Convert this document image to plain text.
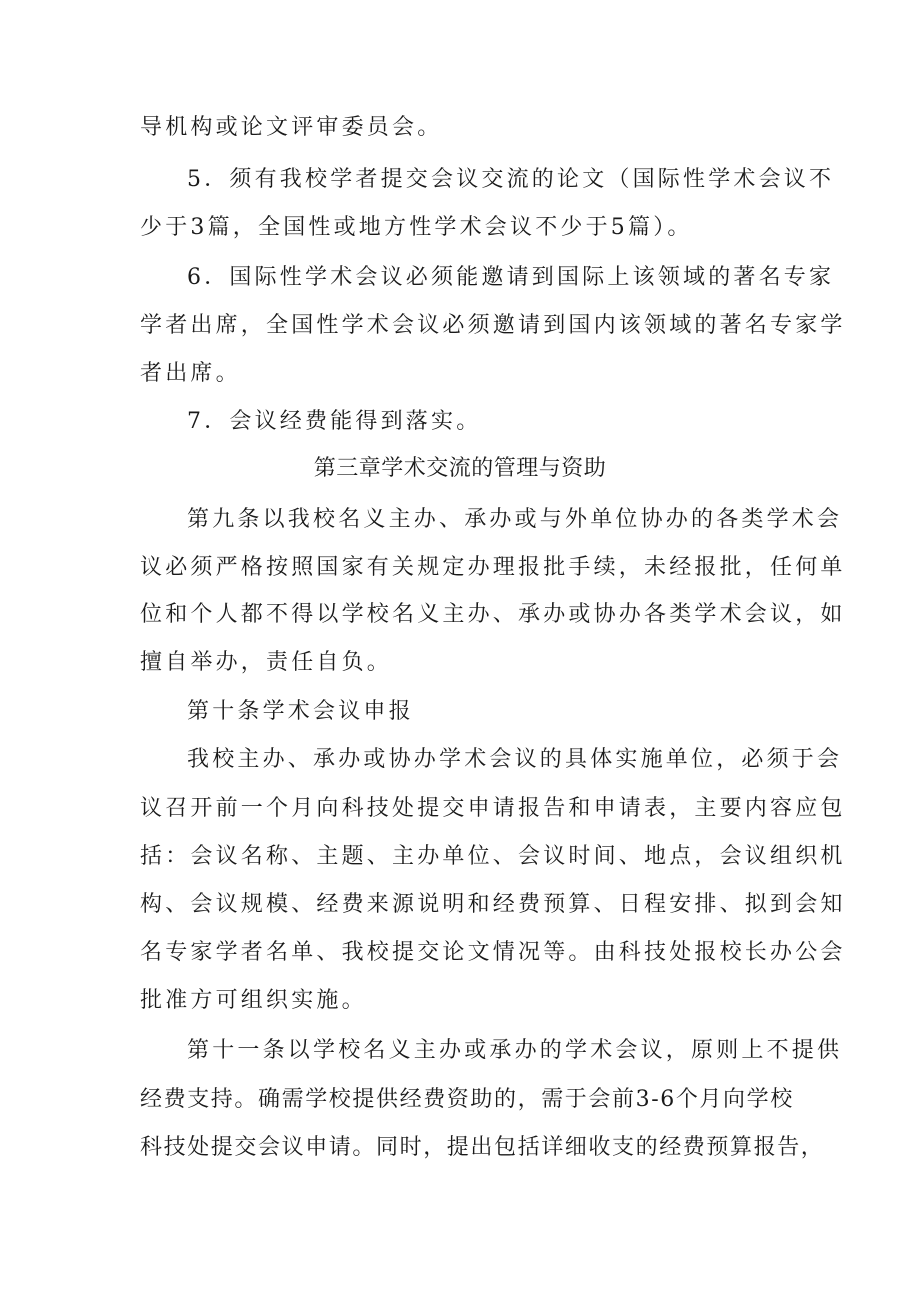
导机构或论文评审委员会。
5．须有我校学者提交会议交流的论文（国际性学术会议不
少于3篇，全国性或地方性学术会议不少于5篇）。
6．国际性学术会议必须能邀请到国际上该领域的著名专家
学者出席，全国性学术会议必须邀请到国内该领域的著名专家学
者出席。
7．会议经费能得到落实。
第三章学术交流的管理与资助
第九条以我校名义主办、承办或与外单位协办的各类学术会
议必须严格按照国家有关规定办理报批手续，未经报批，任何单
位和个人都不得以学校名义主办、承办或协办各类学术会议，如
擅自举办，责任自负。
第十条学术会议申报
我校主办、承办或协办学术会议的具体实施单位，必须于会
议召开前一个月向科技处提交申请报告和申请表，主要内容应包
括：会议名称、主题、主办单位、会议时间、地点，会议组织机
构、会议规模、经费来源说明和经费预算、日程安排、拟到会知
名专家学者名单、我校提交论文情况等。由科技处报校长办公会
批准方可组织实施。
第十一条以学校名义主办或承办的学术会议，原则上不提供
经费支持。确需学校提供经费资助的，需于会前3-6个月向学校
科技处提交会议申请。同时，提出包括详细收支的经费预算报告，
